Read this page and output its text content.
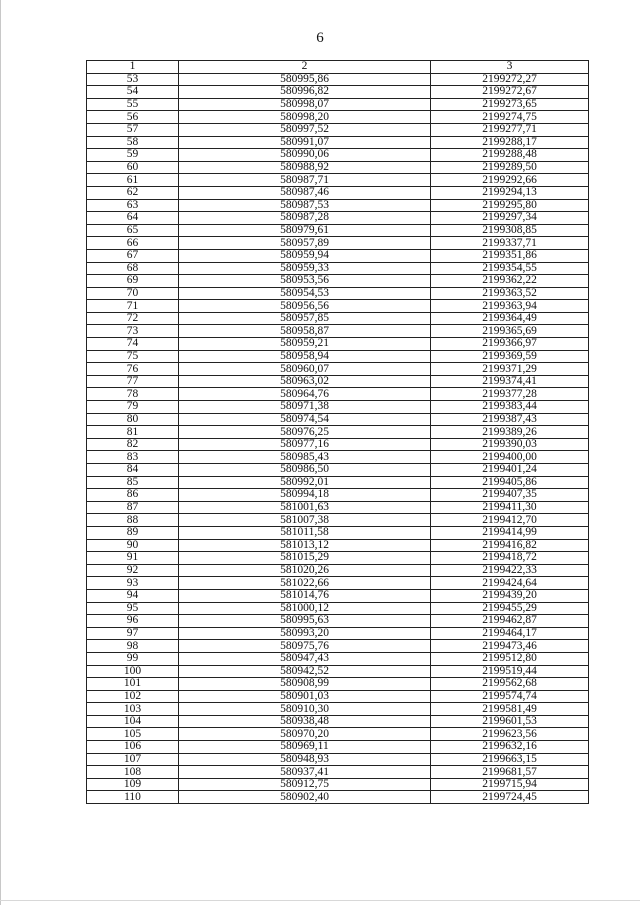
6
1	2	3
53	580995,86	2199272,27
54	580996,82	2199272,67
55	580998,07	2199273,65
56	580998,20	2199274,75
57	580997,52	2199277,71
58	580991,07	2199288,17
59	580990,06	2199288,48
60	580988,92	2199289,50
61	580987,71	2199292,66
62	580987,46	2199294,13
63	580987,53	2199295,80
64	580987,28	2199297,34
65	580979,61	2199308,85
66	580957,89	2199337,71
67	580959,94	2199351,86
68	580959,33	2199354,55
69	580953,56	2199362,22
70	580954,53	2199363,52
71	580956,56	2199363,94
72	580957,85	2199364,49
73	580958,87	2199365,69
74	580959,21	2199366,97
75	580958,94	2199369,59
76	580960,07	2199371,29
77	580963,02	2199374,41
78	580964,76	2199377,28
79	580971,38	2199383,44
80	580974,54	2199387,43
81	580976,25	2199389,26
82	580977,16	2199390,03
83	580985,43	2199400,00
84	580986,50	2199401,24
85	580992,01	2199405,86
86	580994,18	2199407,35
87	581001,63	2199411,30
88	581007,38	2199412,70
89	581011,58	2199414,99
90	581013,12	2199416,82
91	581015,29	2199418,72
92	581020,26	2199422,33
93	581022,66	2199424,64
94	581014,76	2199439,20
95	581000,12	2199455,29
96	580995,63	2199462,87
97	580993,20	2199464,17
98	580975,76	2199473,46
99	580947,43	2199512,80
100	580942,52	2199519,44
101	580908,99	2199562,68
102	580901,03	2199574,74
103	580910,30	2199581,49
104	580938,48	2199601,53
105	580970,20	2199623,56
106	580969,11	2199632,16
107	580948,93	2199663,15
108	580937,41	2199681,57
109	580912,75	2199715,94
110	580902,40	2199724,45
